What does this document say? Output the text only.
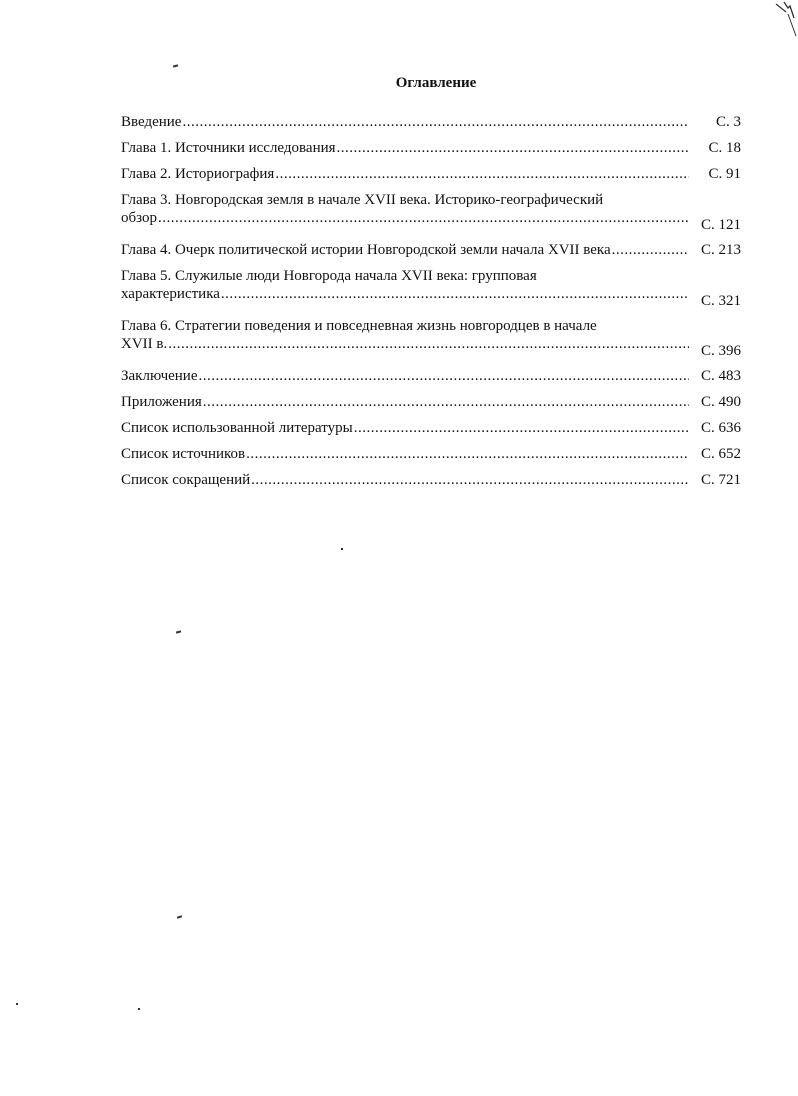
Оглавление
Введение .....	С. 3
Глава 1. Источники исследования .....	С. 18
Глава 2. Историография .....	С. 91
Глава 3. Новгородская земля в начале XVII века. Историко-географический
обзор .....	С. 121
Глава 4. Очерк политической истории Новгородской земли начала XVII века .....	С. 213
Глава 5. Служилые люди Новгорода начала XVII века: групповая
характеристика .....	С. 321
Глава 6. Стратегии поведения и повседневная жизнь новгородцев в начале
XVII в. .....	С. 396
Заключение .....	С. 483
Приложения .....	С. 490
Список использованной литературы .....	С. 636
Список источников .....	С. 652
Список сокращений .....	С. 721
